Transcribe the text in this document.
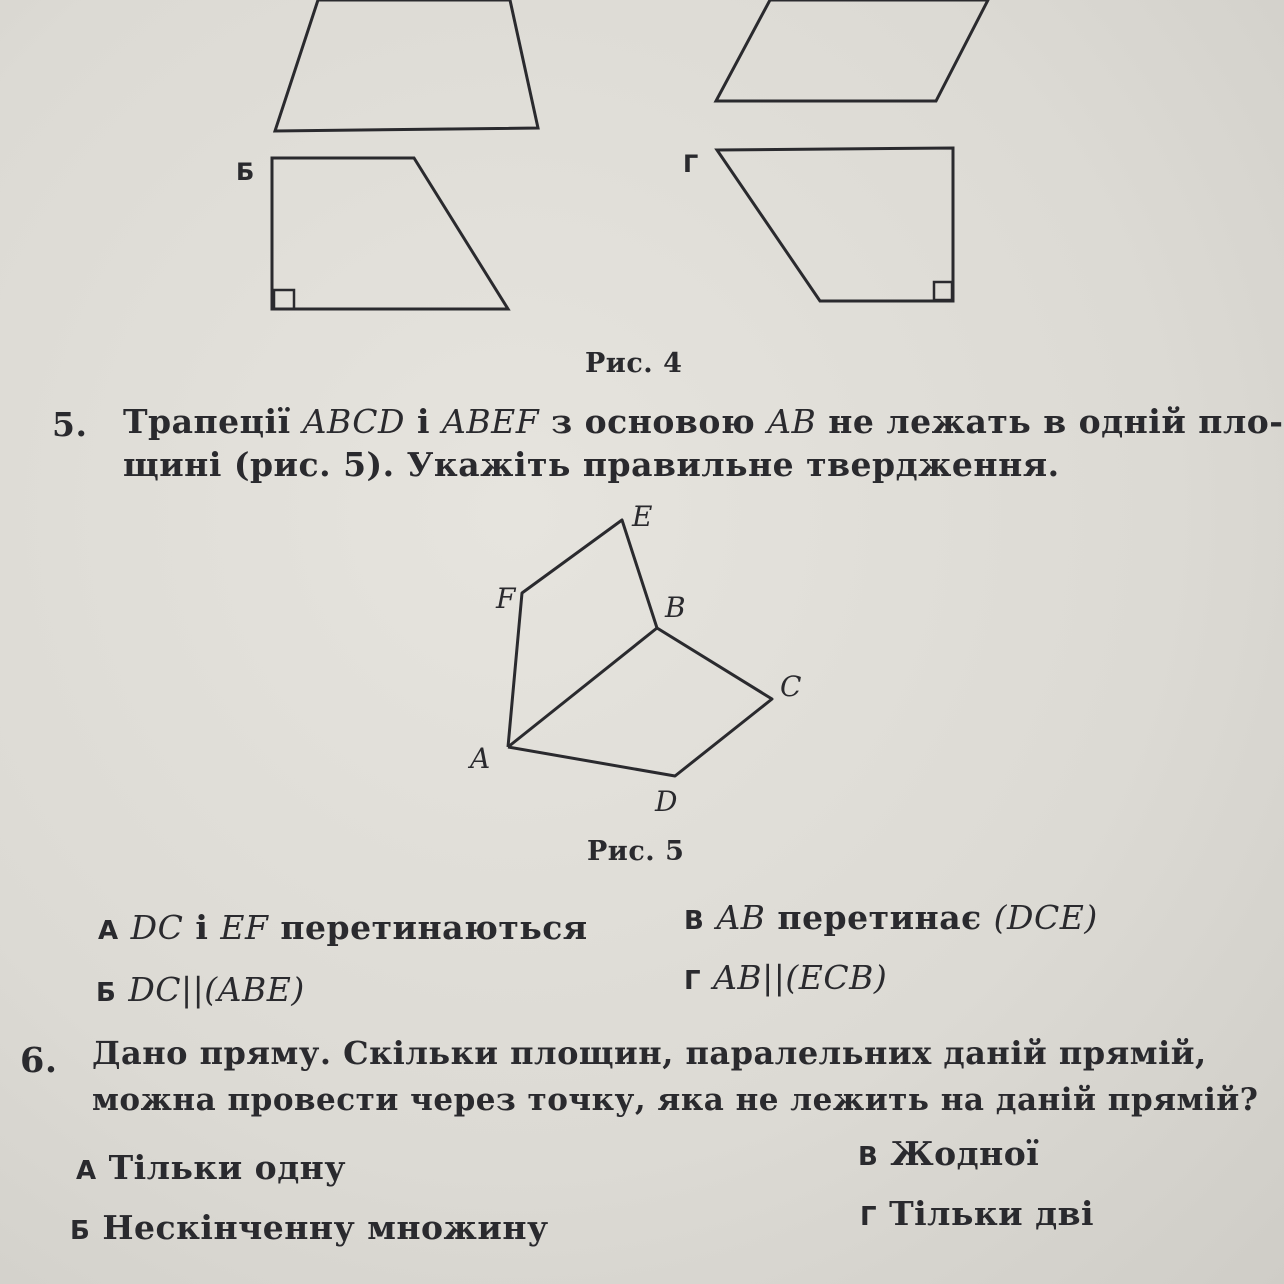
Б	Г
Рис. 4
5. Трапеції ABCD і ABEF з основою AB не лежать в одній пло-
щині (рис. 5). Укажіть правильне твердження.
E
F	B
C
A
D
Рис. 5
А DC і EF перетинаються
Б DC||(ABE)
В AB перетинає (DCE)
Г AB||(ECB)
6. Дано пряму. Скільки площин, паралельних даній прямій,
можна провести через точку, яка не лежить на даній прямій?
А Тільки одну
Б Нескінченну множину
В Жодної
Г Тільки дві
